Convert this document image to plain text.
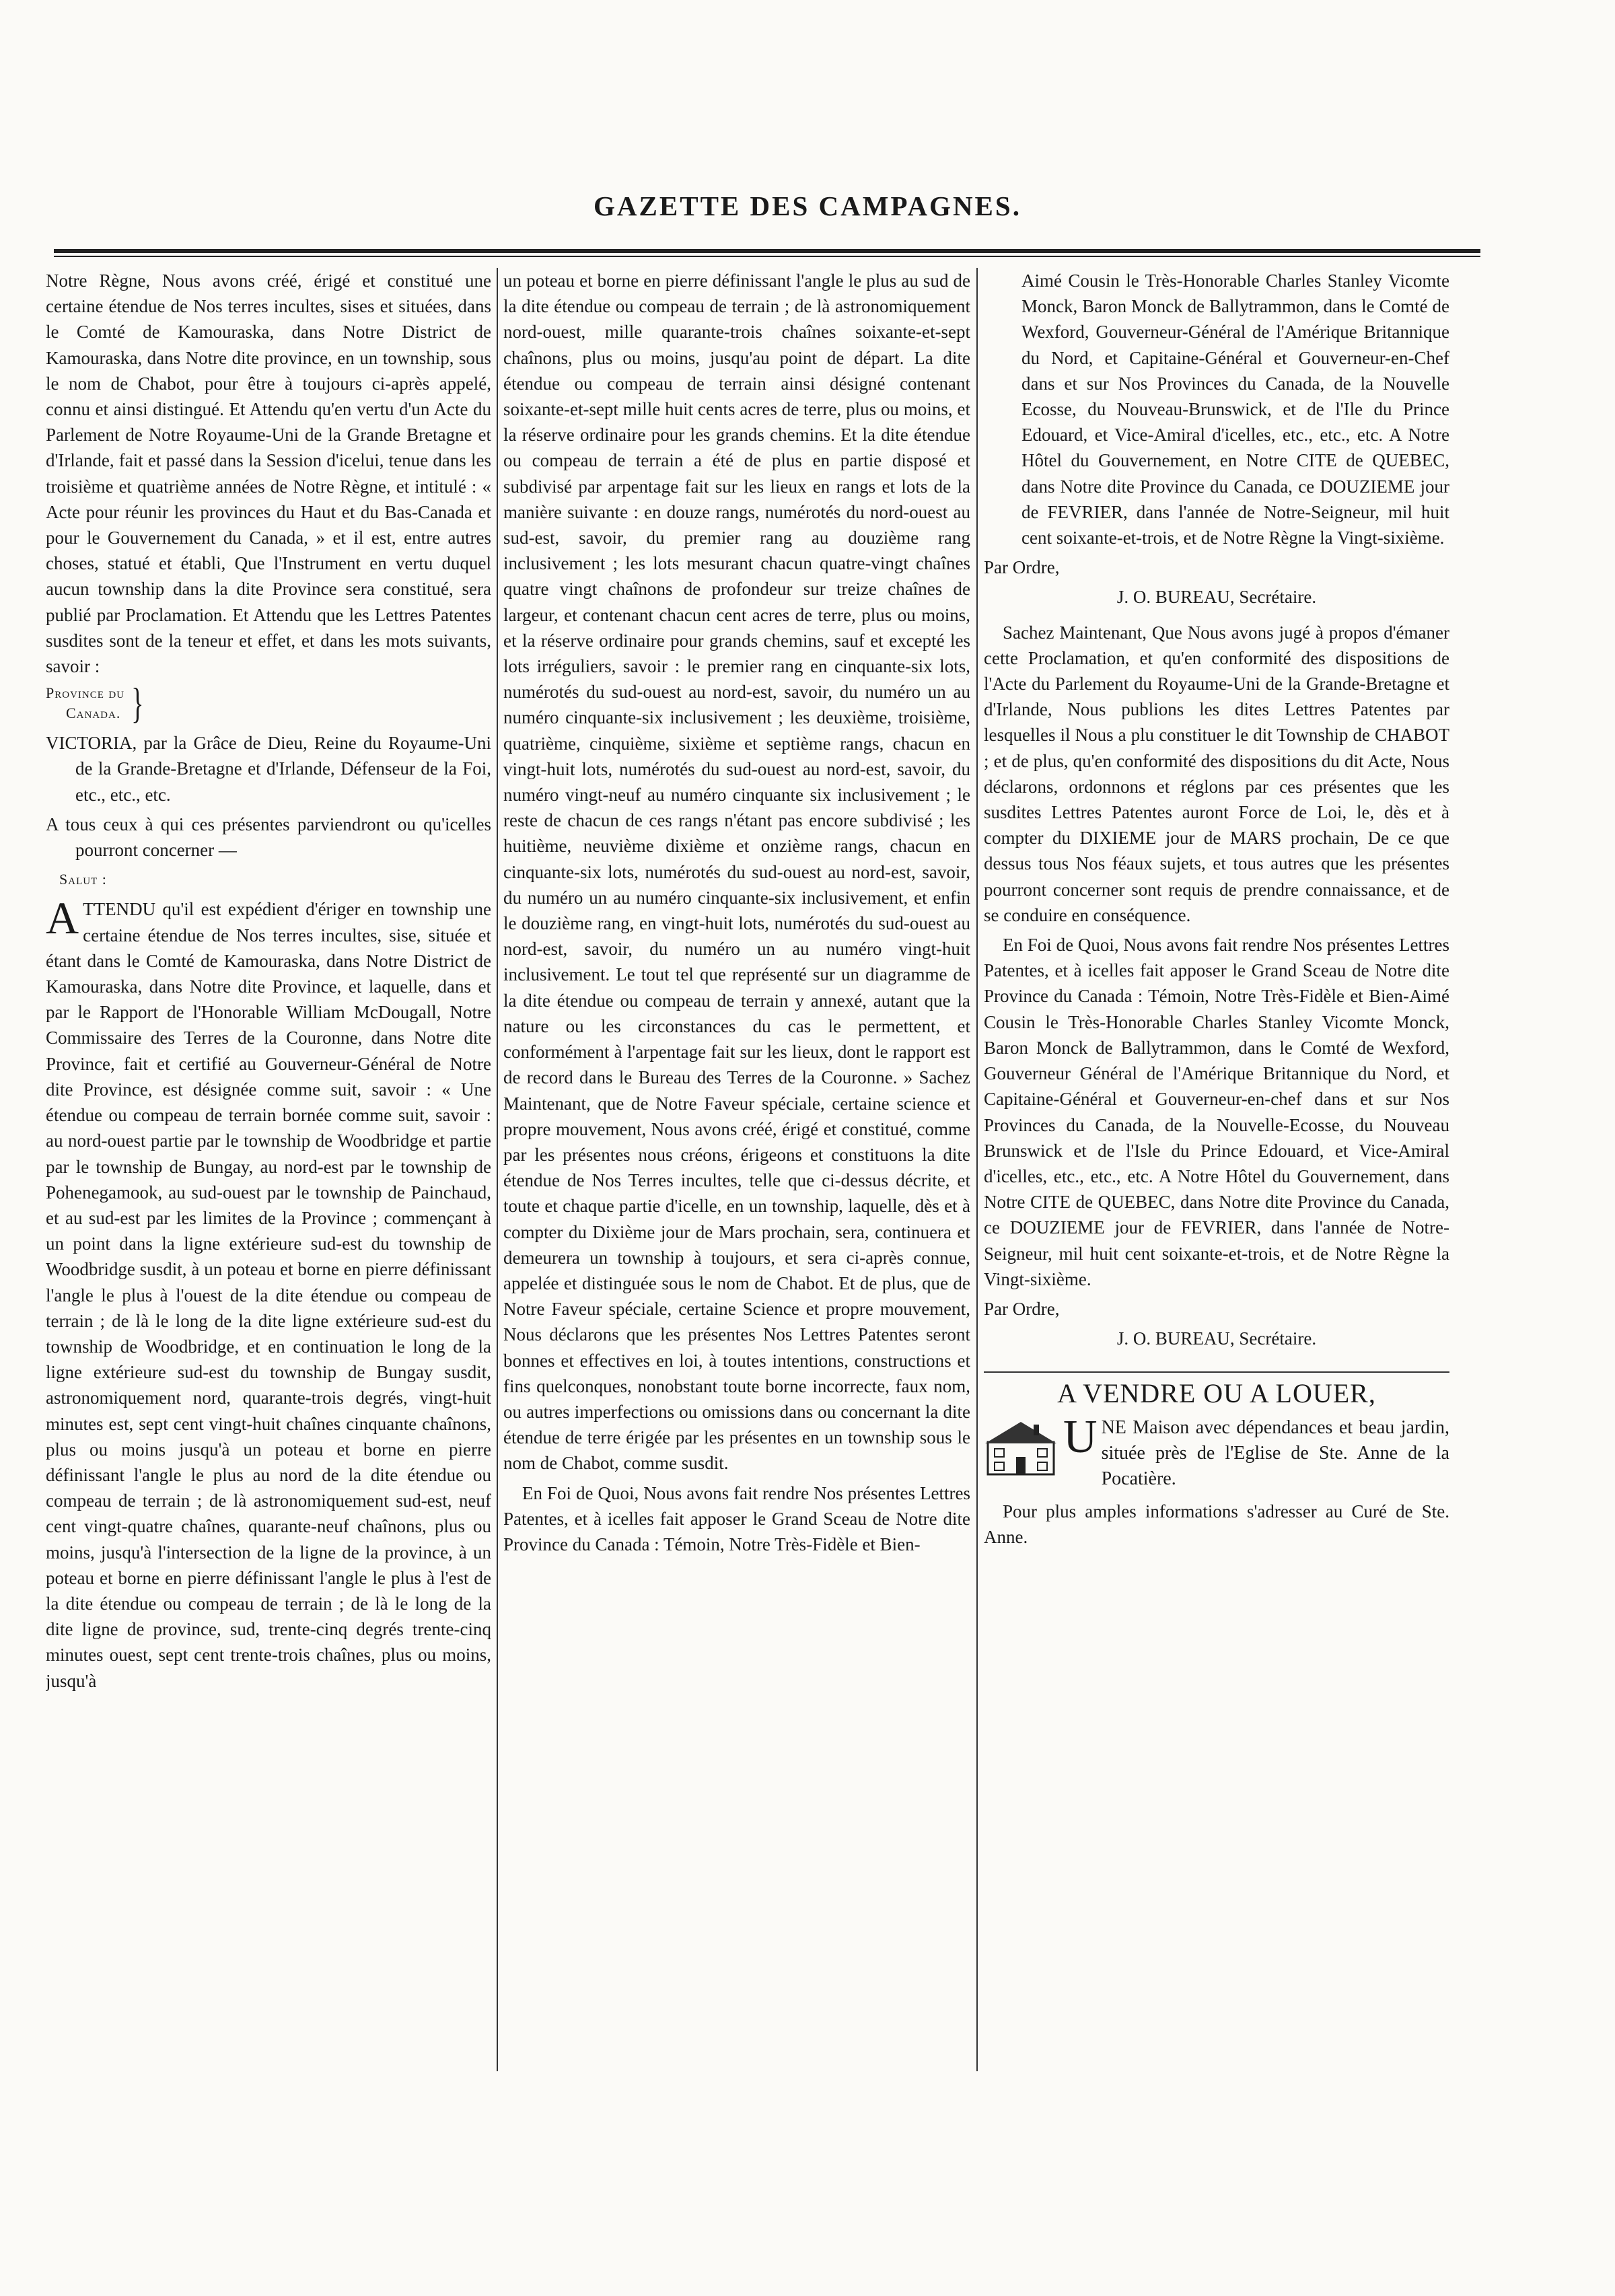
GAZETTE DES CAMPAGNES.

Notre Règne, Nous avons créé, érigé et constitué une certaine étendue de Nos terres incultes, sises et situées, dans le Comté de Kamouraska, dans Notre District de Kamouraska, dans Notre dite province, en un township, sous le nom de Chabot, pour être à toujours ci-après appelé, connu et ainsi distingué. Et Attendu qu'en vertu d'un Acte du Parlement de Notre Royaume-Uni de la Grande Bretagne et d'Irlande, fait et passé dans la Session d'icelui, tenue dans les troisième et quatrième années de Notre Règne, et intitulé : « Acte pour réunir les provinces du Haut et du Bas-Canada et pour le Gouvernement du Canada, » et il est, entre autres choses, statué et établi, Que l'Instrument en vertu duquel aucun township dans la dite Province sera constitué, sera publié par Proclamation. Et Attendu que les Lettres Patentes susdites sont de la teneur et effet, et dans les mots suivants, savoir :

Province du
Canada. }

VICTORIA, par la Grâce de Dieu, Reine du Royaume-Uni de la Grande-Bretagne et d'Irlande, Défenseur de la Foi, etc., etc., etc.

A tous ceux à qui ces présentes parviendront ou qu'icelles pourront concerner —

Salut :

ATTENDU qu'il est expédient d'ériger en township une certaine étendue de Nos terres incultes, sise, située et étant dans le Comté de Kamouraska, dans Notre District de Kamouraska, dans Notre dite Province, et laquelle, dans et par le Rapport de l'Honorable William McDougall, Notre Commissaire des Terres de la Couronne, dans Notre dite Province, fait et certifié au Gouverneur-Général de Notre dite Province, est désignée comme suit, savoir : « Une étendue ou compeau de terrain bornée comme suit, savoir : au nord-ouest partie par le township de Woodbridge et partie par le township de Bungay, au nord-est par le township de Pohenegamook, au sud-ouest par le township de Painchaud, et au sud-est par les limites de la Province ; commençant à un point dans la ligne extérieure sud-est du township de Woodbridge susdit, à un poteau et borne en pierre définissant l'angle le plus à l'ouest de la dite étendue ou compeau de terrain ; de là le long de la dite ligne extérieure sud-est du township de Woodbridge, et en continuation le long de la ligne extérieure sud-est du township de Bungay susdit, astronomiquement nord, quarante-trois degrés, vingt-huit minutes est, sept cent vingt-huit chaînes cinquante chaînons, plus ou moins jusqu'à un poteau et borne en pierre définissant l'angle le plus au nord de la dite étendue ou compeau de terrain ; de là astronomiquement sud-est, neuf cent vingt-quatre chaînes, quarante-neuf chaînons, plus ou moins, jusqu'à l'intersection de la ligne de la province, à un poteau et borne en pierre définissant l'angle le plus à l'est de la dite étendue ou compeau de terrain ; de là le long de la dite ligne de province, sud, trente-cinq degrés trente-cinq minutes ouest, sept cent trente-trois chaînes, plus ou moins, jusqu'à

un poteau et borne en pierre définissant l'angle le plus au sud de la dite étendue ou compeau de terrain ; de là astronomiquement nord-ouest, mille quarante-trois chaînes soixante-et-sept chaînons, plus ou moins, jusqu'au point de départ. La dite étendue ou compeau de terrain ainsi désigné contenant soixante-et-sept mille huit cents acres de terre, plus ou moins, et la réserve ordinaire pour les grands chemins. Et la dite étendue ou compeau de terrain a été de plus en partie disposé et subdivisé par arpentage fait sur les lieux en rangs et lots de la manière suivante : en douze rangs, numérotés du nord-ouest au sud-est, savoir, du premier rang au douzième rang inclusivement ; les lots mesurant chacun quatre-vingt chaînes quatre vingt chaînons de profondeur sur treize chaînes de largeur, et contenant chacun cent acres de terre, plus ou moins, et la réserve ordinaire pour grands chemins, sauf et excepté les lots irréguliers, savoir : le premier rang en cinquante-six lots, numérotés du sud-ouest au nord-est, savoir, du numéro un au numéro cinquante-six inclusivement ; les deuxième, troisième, quatrième, cinquième, sixième et septième rangs, chacun en vingt-huit lots, numérotés du sud-ouest au nord-est, savoir, du numéro vingt-neuf au numéro cinquante six inclusivement ; le reste de chacun de ces rangs n'étant pas encore subdivisé ; les huitième, neuvième dixième et onzième rangs, chacun en cinquante-six lots, numérotés du sud-ouest au nord-est, savoir, du numéro un au numéro cinquante-six inclusivement, et enfin le douzième rang, en vingt-huit lots, numérotés du sud-ouest au nord-est, savoir, du numéro un au numéro vingt-huit inclusivement. Le tout tel que représenté sur un diagramme de la dite étendue ou compeau de terrain y annexé, autant que la nature ou les circonstances du cas le permettent, et conformément à l'arpentage fait sur les lieux, dont le rapport est de record dans le Bureau des Terres de la Couronne. » Sachez Maintenant, que de Notre Faveur spéciale, certaine science et propre mouvement, Nous avons créé, érigé et constitué, comme par les présentes nous créons, érigeons et constituons la dite étendue de Nos Terres incultes, telle que ci-dessus décrite, et toute et chaque partie d'icelle, en un township, laquelle, dès et à compter du Dixième jour de Mars prochain, sera, continuera et demeurera un township à toujours, et sera ci-après connue, appelée et distinguée sous le nom de Chabot. Et de plus, que de Notre Faveur spéciale, certaine Science et propre mouvement, Nous déclarons que les présentes Nos Lettres Patentes seront bonnes et effectives en loi, à toutes intentions, constructions et fins quelconques, nonobstant toute borne incorrecte, faux nom, ou autres imperfections ou omissions dans ou concernant la dite étendue de terre érigée par les présentes en un township sous le nom de Chabot, comme susdit.

En Foi de Quoi, Nous avons fait rendre Nos présentes Lettres Patentes, et à icelles fait apposer le Grand Sceau de Notre dite Province du Canada : Témoin, Notre Très-Fidèle et Bien-

Aimé Cousin le Très-Honorable Charles Stanley Vicomte Monck, Baron Monck de Ballytrammon, dans le Comté de Wexford, Gouverneur-Général de l'Amérique Britannique du Nord, et Capitaine-Général et Gouverneur-en-Chef dans et sur Nos Provinces du Canada, de la Nouvelle Ecosse, du Nouveau-Brunswick, et de l'Ile du Prince Edouard, et Vice-Amiral d'icelles, etc., etc., etc. A Notre Hôtel du Gouvernement, en Notre CITE de QUEBEC, dans Notre dite Province du Canada, ce DOUZIEME jour de FEVRIER, dans l'année de Notre-Seigneur, mil huit cent soixante-et-trois, et de Notre Règne la Vingt-sixième.

Par Ordre,

J. O. BUREAU, Secrétaire.

Sachez Maintenant, Que Nous avons jugé à propos d'émaner cette Proclamation, et qu'en conformité des dispositions de l'Acte du Parlement du Royaume-Uni de la Grande-Bretagne et d'Irlande, Nous publions les dites Lettres Patentes par lesquelles il Nous a plu constituer le dit Township de CHABOT ; et de plus, qu'en conformité des dispositions du dit Acte, Nous déclarons, ordonnons et réglons par ces présentes que les susdites Lettres Patentes auront Force de Loi, le, dès et à compter du DIXIEME jour de MARS prochain, De ce que dessus tous Nos féaux sujets, et tous autres que les présentes pourront concerner sont requis de prendre connaissance, et de se conduire en conséquence.

En Foi de Quoi, Nous avons fait rendre Nos présentes Lettres Patentes, et à icelles fait apposer le Grand Sceau de Notre dite Province du Canada : Témoin, Notre Très-Fidèle et Bien-Aimé Cousin le Très-Honorable Charles Stanley Vicomte Monck, Baron Monck de Ballytrammon, dans le Comté de Wexford, Gouverneur Général de l'Amérique Britannique du Nord, et Capitaine-Général et Gouverneur-en-chef dans et sur Nos Provinces du Canada, de la Nouvelle-Ecosse, du Nouveau Brunswick et de l'Isle du Prince Edouard, et Vice-Amiral d'icelles, etc., etc., etc. A Notre Hôtel du Gouvernement, dans Notre CITE de QUEBEC, dans Notre dite Province du Canada, ce DOUZIEME jour de FEVRIER, dans l'année de Notre-Seigneur, mil huit cent soixante-et-trois, et de Notre Règne la Vingt-sixième.

Par Ordre,

J. O. BUREAU, Secrétaire.

A VENDRE OU A LOUER,
U NE Maison avec dépendances et beau jardin, située près de l'Eglise de Ste. Anne de la Pocatière.

Pour plus amples informations s'adresser au Curé de Ste. Anne.
